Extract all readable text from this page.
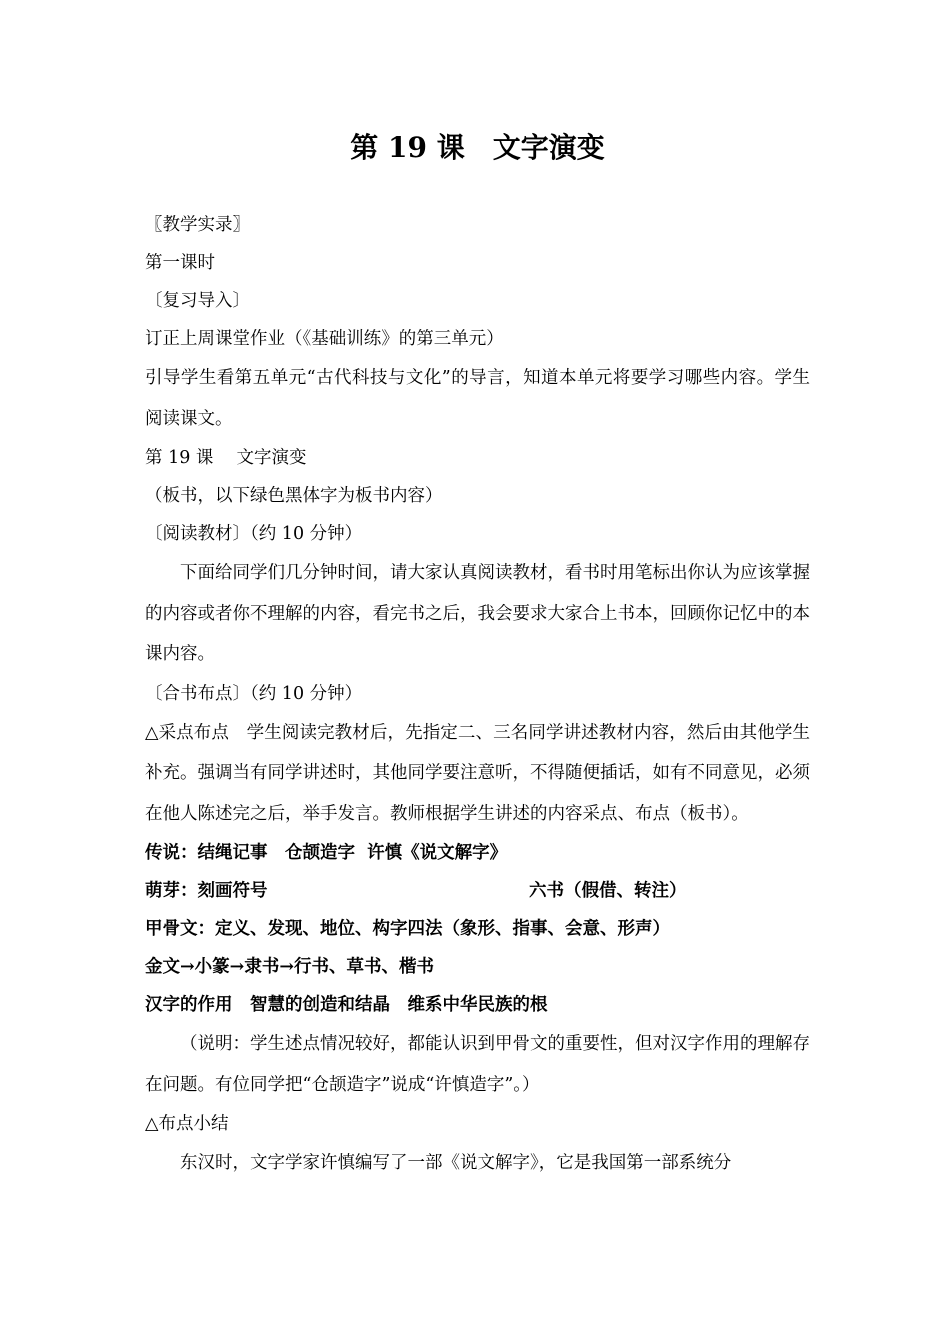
第 19 课　文字演变

〖教学实录〗

第一课时

〔复习导入〕

订正上周课堂作业（《基础训练》的第三单元）

引导学生看第五单元“古代科技与文化”的导言，知道本单元将要学习哪些内容。学生阅读课文。

第 19 课　 文字演变

（板书，以下绿色黑体字为板书内容）

〔阅读教材〕（约 10 分钟）

下面给同学们几分钟时间，请大家认真阅读教材，看书时用笔标出你认为应该掌握的内容或者你不理解的内容，看完书之后，我会要求大家合上书本，回顾你记忆中的本课内容。

〔合书布点〕（约 10 分钟）

△采点布点　学生阅读完教材后，先指定二、三名同学讲述教材内容，然后由其他学生补充。强调当有同学讲述时，其他同学要注意听，不得随便插话，如有不同意见，必须在他人陈述完之后，举手发言。教师根据学生讲述的内容采点、布点（板书）。

传说：结绳记事　仓颉造字  许慎《说文解字》

萌芽：刻画符号	六书（假借、转注）

甲骨文：定义、发现、地位、构字四法（象形、指事、会意、形声）

金文→小篆→隶书→行书、草书、楷书

汉字的作用　智慧的创造和结晶　维系中华民族的根

（说明：学生述点情况较好，都能认识到甲骨文的重要性，但对汉字作用的理解存在问题。有位同学把“仓颉造字”说成“许慎造字”。）

△布点小结

东汉时，文字学家许慎编写了一部《说文解字》，它是我国第一部系统分
